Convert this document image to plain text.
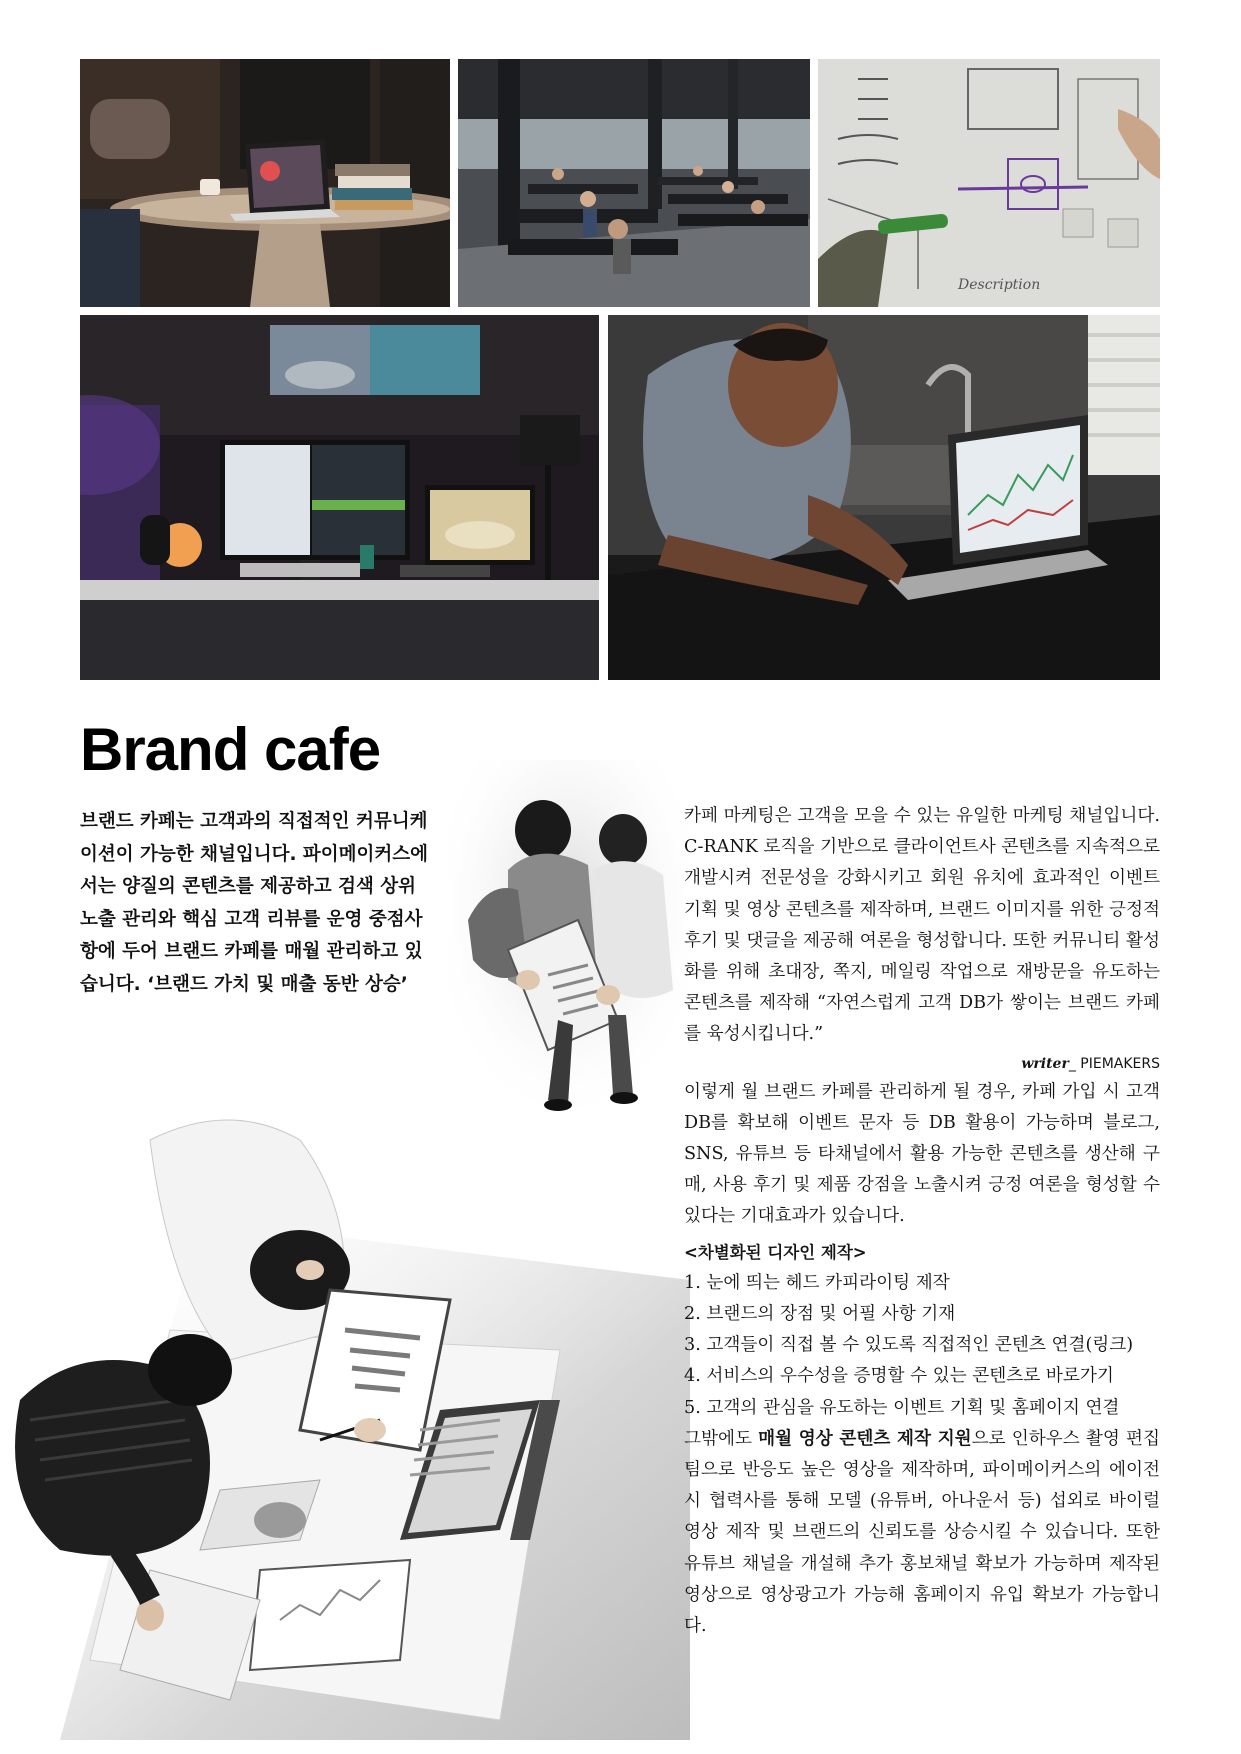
Description
Brand cafe

브랜드 카페는 고객과의 직접적인 커뮤니케이션이 가능한 채널입니다. 파이메이커스에서는 양질의 콘텐츠를 제공하고 검색 상위 노출 관리와 핵심 고객 리뷰를 운영 중점사항에 두어 브랜드 카페를 매월 관리하고 있습니다. ‘브랜드 가치 및 매출 동반 상승’

카페 마케팅은 고객을 모을 수 있는 유일한 마케팅 채널입니다. C-RANK 로직을 기반으로 클라이언트사 콘텐츠를 지속적으로 개발시켜 전문성을 강화시키고 회원 유치에 효과적인 이벤트 기획 및 영상 콘텐츠를 제작하며, 브랜드 이미지를 위한 긍정적 후기 및 댓글을 제공해 여론을 형성합니다. 또한 커뮤니티 활성화를 위해 초대장, 쪽지, 메일링 작업으로 재방문을 유도하는 콘텐츠를 제작해 “자연스럽게 고객 DB가 쌓이는 브랜드 카페를 육성시킵니다.”

writer_ PIEMAKERS

이렇게 월 브랜드 카페를 관리하게 될 경우, 카페 가입 시 고객 DB를 확보해 이벤트 문자 등 DB 활용이 가능하며 블로그, SNS, 유튜브 등 타채널에서 활용 가능한 콘텐츠를 생산해 구매, 사용 후기 및 제품 강점을 노출시켜 긍정 여론을 형성할 수 있다는 기대효과가 있습니다.

<차별화된 디자인 제작>
1. 눈에 띄는 헤드 카피라이팅 제작
2. 브랜드의 장점 및 어필 사항 기재
3. 고객들이 직접 볼 수 있도록 직접적인 콘텐츠 연결(링크)
4. 서비스의 우수성을 증명할 수 있는 콘텐츠로 바로가기
5. 고객의 관심을 유도하는 이벤트 기획 및 홈페이지 연결

그밖에도 매월 영상 콘텐츠 제작 지원으로 인하우스 촬영 편집팀으로 반응도 높은 영상을 제작하며, 파이메이커스의 에이전시 협력사를 통해 모델 (유튜버, 아나운서 등) 섭외로 바이럴 영상 제작 및 브랜드의 신뢰도를 상승시킬 수 있습니다. 또한 유튜브 채널을 개설해 추가 홍보채널 확보가 가능하며 제작된 영상으로 영상광고가 가능해 홈페이지 유입 확보가 가능합니다.
